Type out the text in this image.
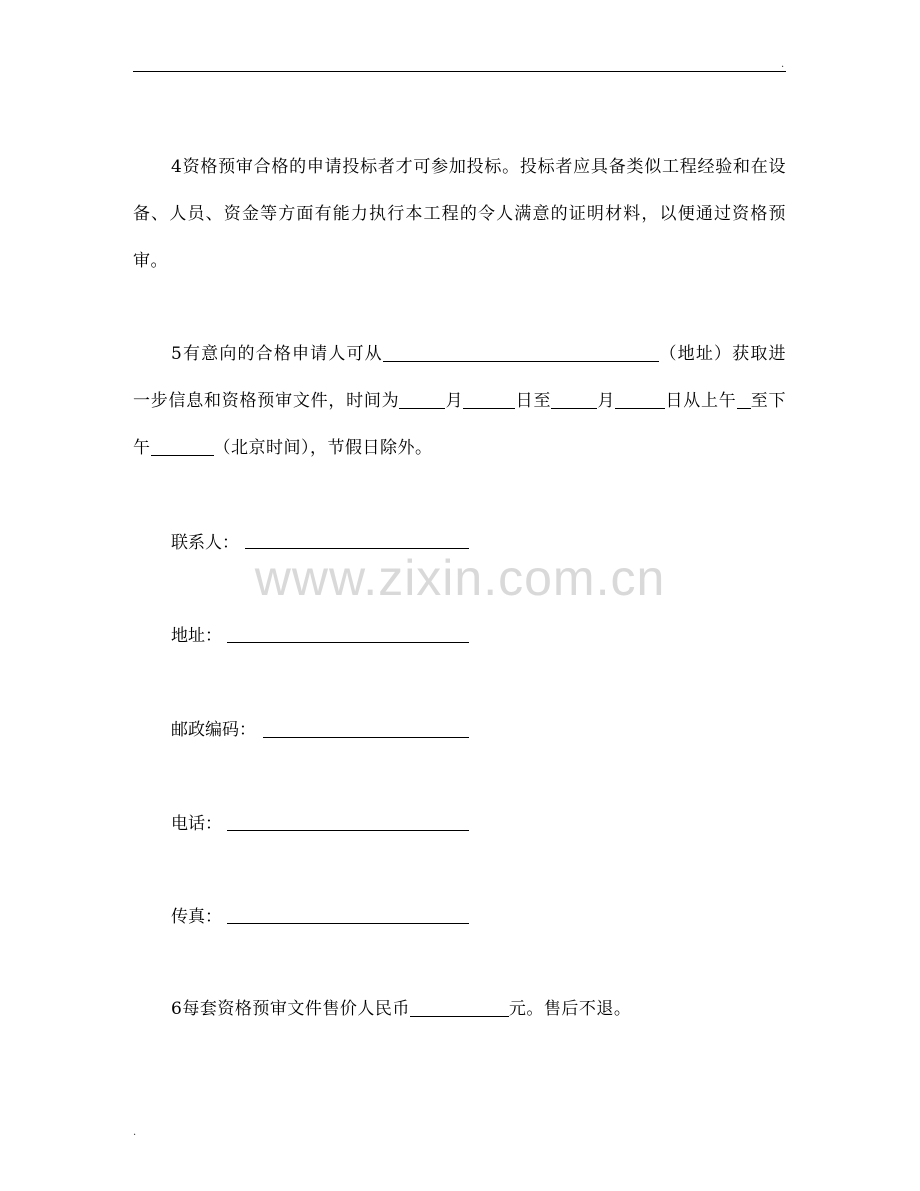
.
www.zixin.com.cn
4资格预审合格的申请投标者才可参加投标。投标者应具备类似工程经验和在设备、人员、资金等方面有能力执行本工程的令人满意的证明材料，以便通过资格预审。
5有意向的合格申请人可从	（地址）获取进一步信息和资格预审文件，时间为	月	日至	月	日从上午 至下午	（北京时间），节假日除外。
联系人：
地址：
邮政编码：
电话：
传真：
6每套资格预审文件售价人民币	元。售后不退。
.
